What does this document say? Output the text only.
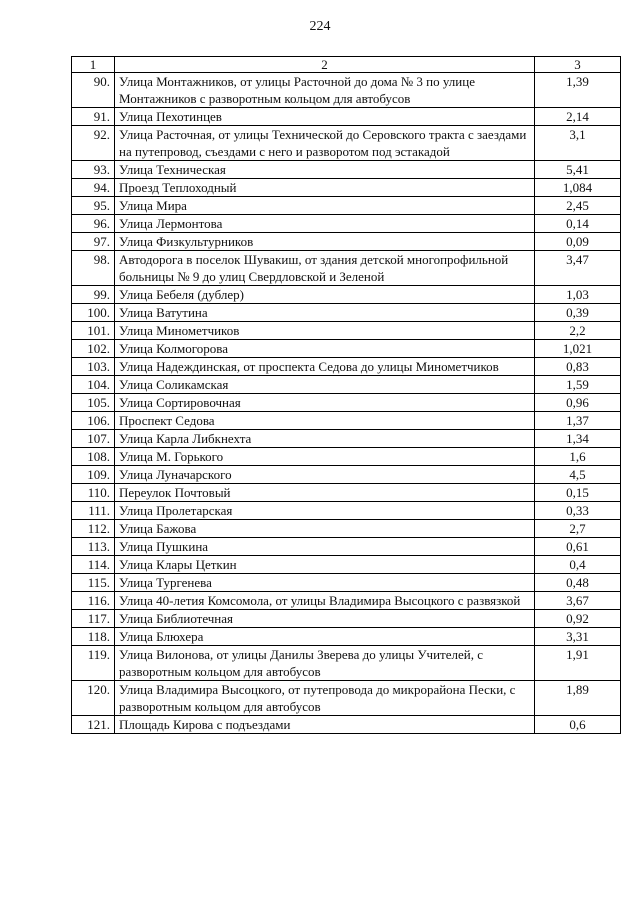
224
1	2	3
90.	Улица Монтажников, от улицы Расточной до дома № 3 по улице Монтажников с разворотным кольцом для автобусов	1,39
91.	Улица Пехотинцев	2,14
92.	Улица Расточная, от улицы Технической до Серовского тракта с заездами на путепровод, съездами с него и разворотом под эстакадой	3,1
93.	Улица Техническая	5,41
94.	Проезд Теплоходный	1,084
95.	Улица Мира	2,45
96.	Улица Лермонтова	0,14
97.	Улица Физкультурников	0,09
98.	Автодорога в поселок Шувакиш, от здания детской многопрофильной больницы № 9 до улиц Свердловской и Зеленой	3,47
99.	Улица Бебеля (дублер)	1,03
100.	Улица Ватутина	0,39
101.	Улица Минометчиков	2,2
102.	Улица Колмогорова	1,021
103.	Улица Надеждинская, от проспекта Седова до улицы Минометчиков	0,83
104.	Улица Соликамская	1,59
105.	Улица Сортировочная	0,96
106.	Проспект Седова	1,37
107.	Улица Карла Либкнехта	1,34
108.	Улица М. Горького	1,6
109.	Улица Луначарского	4,5
110.	Переулок Почтовый	0,15
111.	Улица Пролетарская	0,33
112.	Улица Бажова	2,7
113.	Улица Пушкина	0,61
114.	Улица Клары Цеткин	0,4
115.	Улица Тургенева	0,48
116.	Улица 40-летия Комсомола, от улицы Владимира Высоцкого с развязкой	3,67
117.	Улица Библиотечная	0,92
118.	Улица Блюхера	3,31
119.	Улица Вилонова, от улицы Данилы Зверева до улицы Учителей, с разворотным кольцом для автобусов	1,91
120.	Улица Владимира Высоцкого, от путепровода до микрорайона Пески, с разворотным кольцом для автобусов	1,89
121.	Площадь Кирова с подъездами	0,6
